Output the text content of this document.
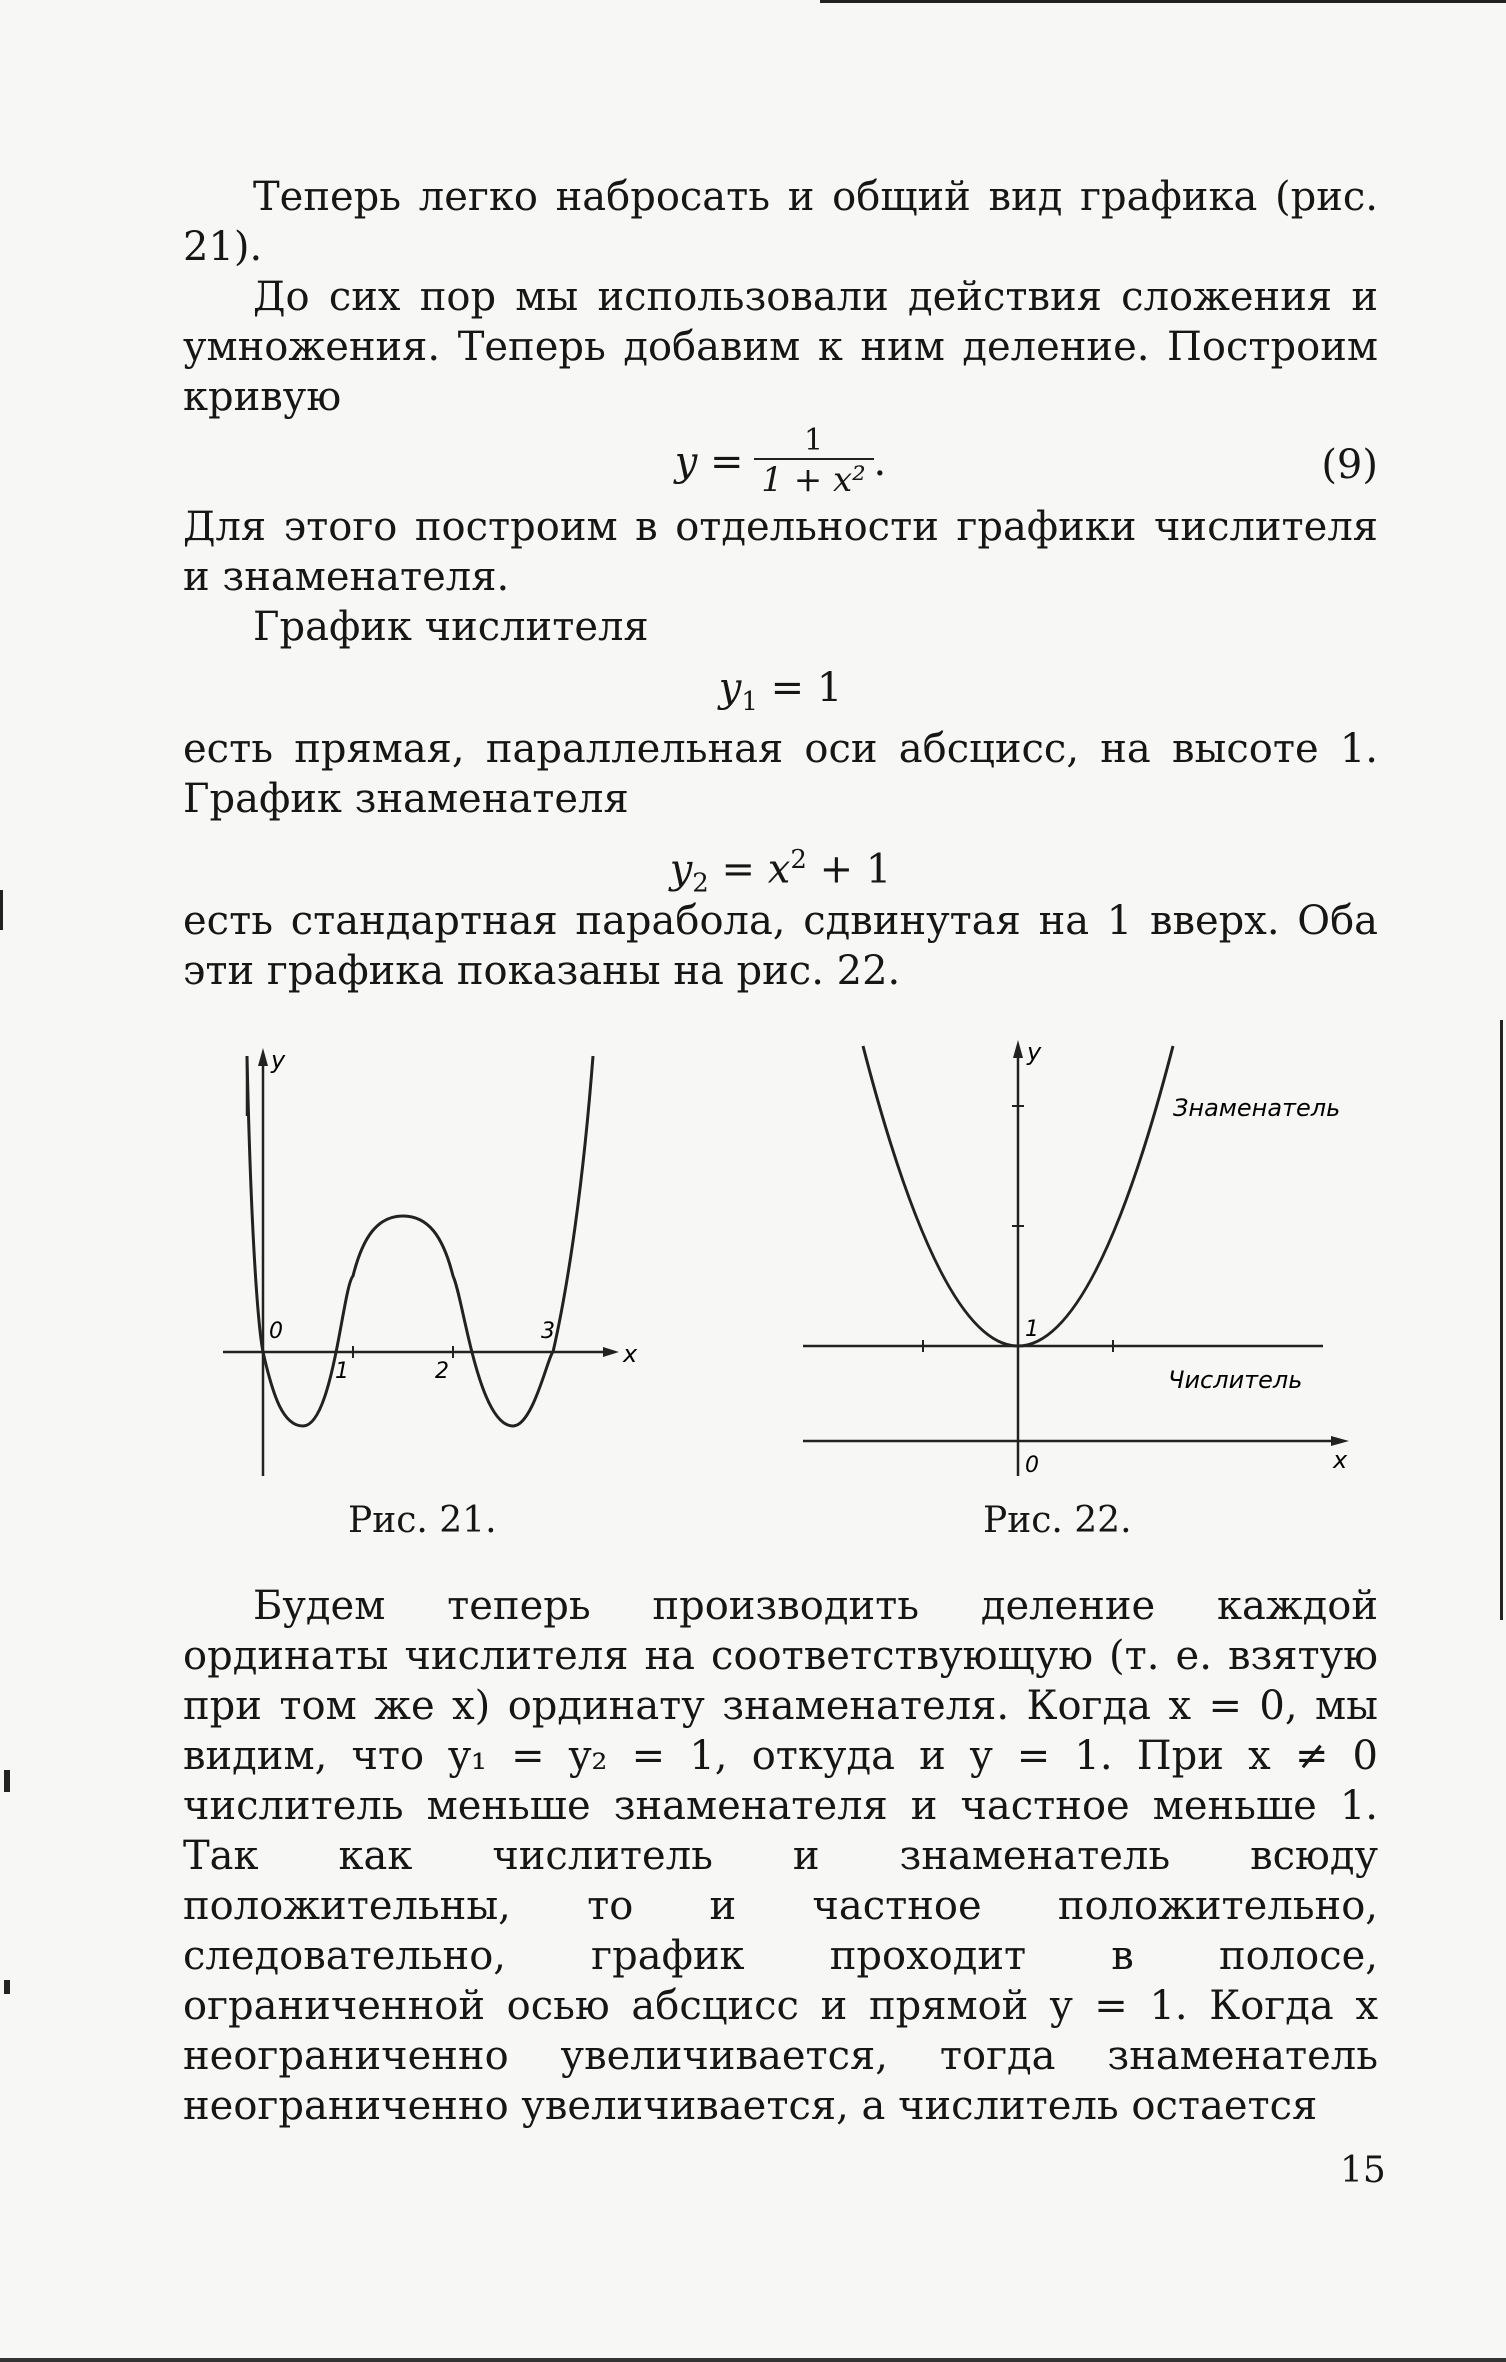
Теперь легко набросать и общий вид графика (рис. 21).

До сих пор мы использовали действия сложения и умножения. Теперь добавим к ним деление. Построим кривую

$y = \frac{1}{\text{1 + x²}}$ .	(9)

Для этого построим в отдельности графики числителя и знаменателя.

График числителя

$y_1 = 1$

есть прямая, параллельная оси абсцисс, на высоте 1. График знаменателя

$y_2 = x^2 + 1$

есть стандартная парабола, сдвинутая на 1 вверх. Оба эти графика показаны на рис. 22.

y
x
0
1	2
3
Рис. 21.
y
x
0
1
Знаменатель
Числитель
Рис. 22.

Будем теперь производить деление каждой ординаты числителя на соответствующую (т. е. взятую при том же x) ординату знаменателя. Когда x = 0, мы видим, что y₁ = y₂ = 1, откуда и y = 1. При x ≠ 0 числитель меньше знаменателя и частное меньше 1. Так как числитель и знаменатель всюду положительны, то и частное положительно, следовательно, график проходит в полосе, ограниченной осью абсцисс и прямой y = 1. Когда x неограниченно увеличивается, тогда знаменатель неограниченно увеличивается, а числитель остается

15
